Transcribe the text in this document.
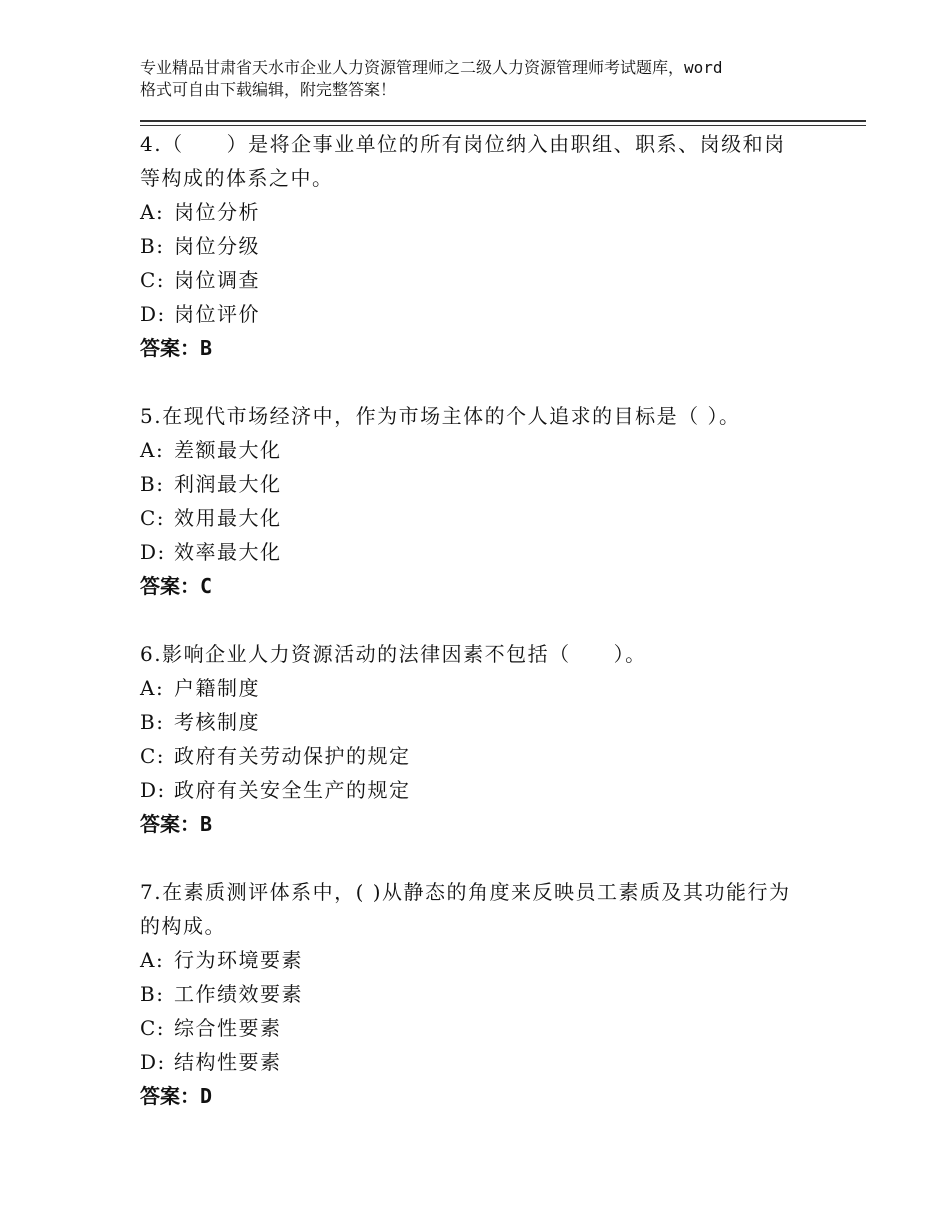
专业精品甘肃省天水市企业人力资源管理师之二级人力资源管理师考试题库，word
格式可自由下载编辑，附完整答案！
4.（　　）是将企事业单位的所有岗位纳入由职组、职系、岗级和岗
等构成的体系之中。
A: 岗位分析
B: 岗位分级
C: 岗位调查
D: 岗位评价
答案：B
5.在现代市场经济中，作为市场主体的个人追求的目标是（ ）。
A: 差额最大化
B: 利润最大化
C: 效用最大化
D: 效率最大化
答案：C
6.影响企业人力资源活动的法律因素不包括（　　）。
A: 户籍制度
B: 考核制度
C: 政府有关劳动保护的规定
D: 政府有关安全生产的规定
答案：B
7.在素质测评体系中，( )从静态的角度来反映员工素质及其功能行为
的构成。
A: 行为环境要素
B: 工作绩效要素
C: 综合性要素
D: 结构性要素
答案：D
